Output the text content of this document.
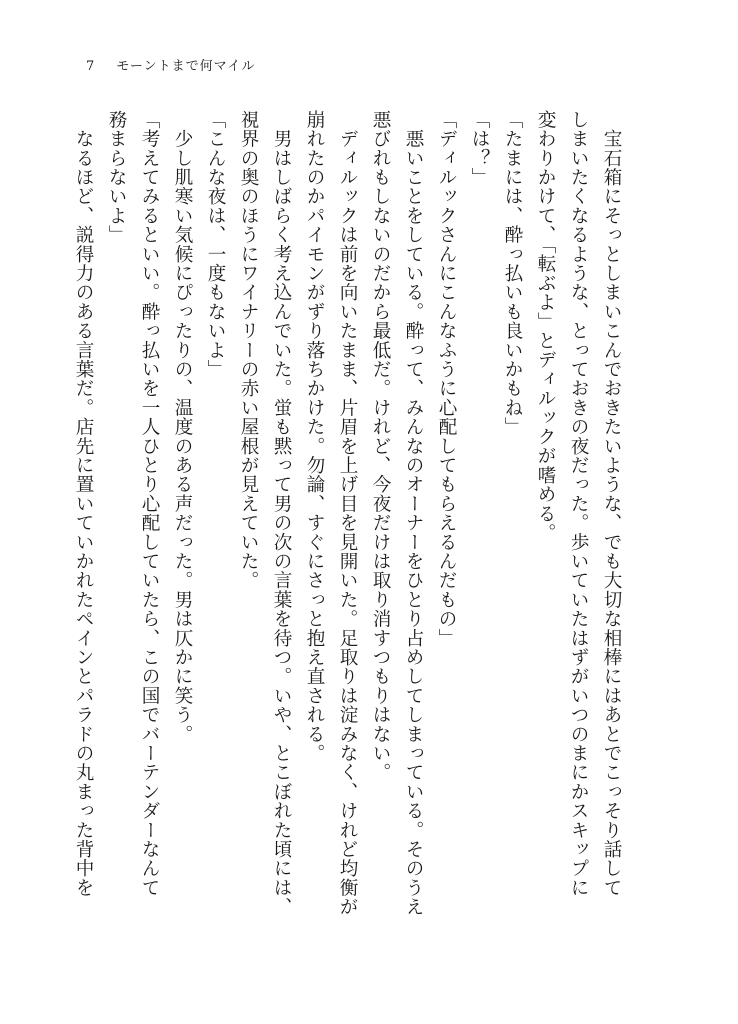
7 モーントまで何マイル

　宝石箱にそっとしまいこんでおきたいような、でも大切な相棒にはあとでこっそり話して

しまいたくなるような、とっておきの夜だった。歩いていたはずがいつのまにかスキップに

変わりかけて、「転ぶよ」とディルックが嗜める。

「たまには、酔っ払いも良いかもね」

「は？」

「ディルックさんにこんなふうに心配してもらえるんだもの」

　悪いことをしている。酔って、みんなのオーナーをひとり占めしてしまっている。そのうえ

悪びれもしないのだから最低だ。けれど、今夜だけは取り消すつもりはない。

　ディルックは前を向いたまま、片眉を上げ目を見開いた。足取りは淀みなく、けれど均衡が

崩れたのかパイモンがずり落ちかけた。勿論、すぐにさっと抱え直される。

　男はしばらく考え込んでいた。蛍も黙って男の次の言葉を待つ。いや、とこぼれた頃には、

視界の奥のほうにワイナリーの赤い屋根が見えていた。

「こんな夜は、一度もないよ」

　少し肌寒い気候にぴったりの、温度のある声だった。男は仄かに笑う。

「考えてみるといい。酔っ払いを一人ひとり心配していたら、この国でバーテンダーなんて

務まらないよ」

　なるほど、説得力のある言葉だ。店先に置いていかれたペインとパラドの丸まった背中を
